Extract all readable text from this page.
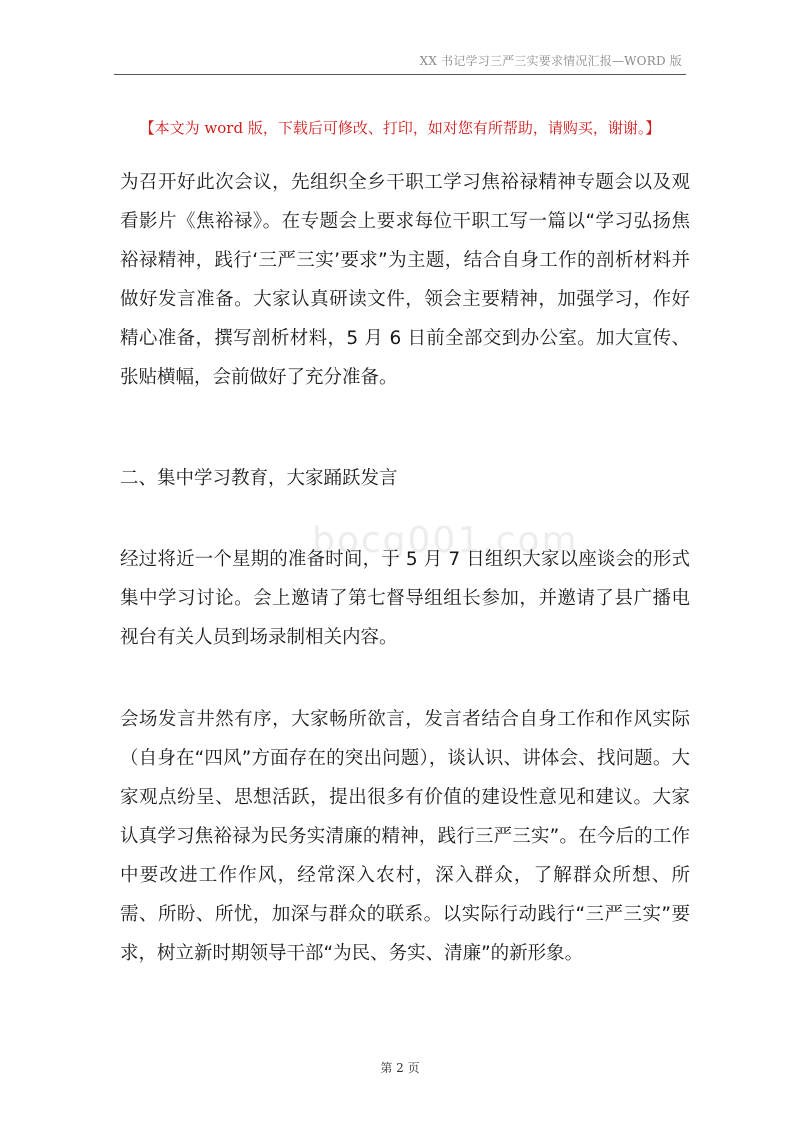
XX 书记学习三严三实要求情况汇报—WORD 版
【本文为 word 版，下载后可修改、打印，如对您有所帮助，请购买，谢谢。】
bocg001.com
为召开好此次会议，先组织全乡干职工学习焦裕禄精神专题会以及观看影片《焦裕禄》。在专题会上要求每位干职工写一篇以“学习弘扬焦裕禄精神，践行‘三严三实’要求”为主题，结合自身工作的剖析材料并做好发言准备。大家认真研读文件，领会主要精神，加强学习，作好精心准备，撰写剖析材料，5 月 6 日前全部交到办公室。加大宣传、张贴横幅，会前做好了充分准备。
二、集中学习教育，大家踊跃发言
经过将近一个星期的准备时间，于 5 月 7 日组织大家以座谈会的形式集中学习讨论。会上邀请了第七督导组组长参加，并邀请了县广播电视台有关人员到场录制相关内容。
会场发言井然有序，大家畅所欲言，发言者结合自身工作和作风实际（自身在“四风”方面存在的突出问题），谈认识、讲体会、找问题。大家观点纷呈、思想活跃，提出很多有价值的建设性意见和建议。大家认真学习焦裕禄为民务实清廉的精神，践行三严三实”。在今后的工作中要改进工作作风，经常深入农村，深入群众，了解群众所想、所需、所盼、所忧，加深与群众的联系。以实际行动践行“三严三实”要求，树立新时期领导干部“为民、务实、清廉”的新形象。
第 2 页
